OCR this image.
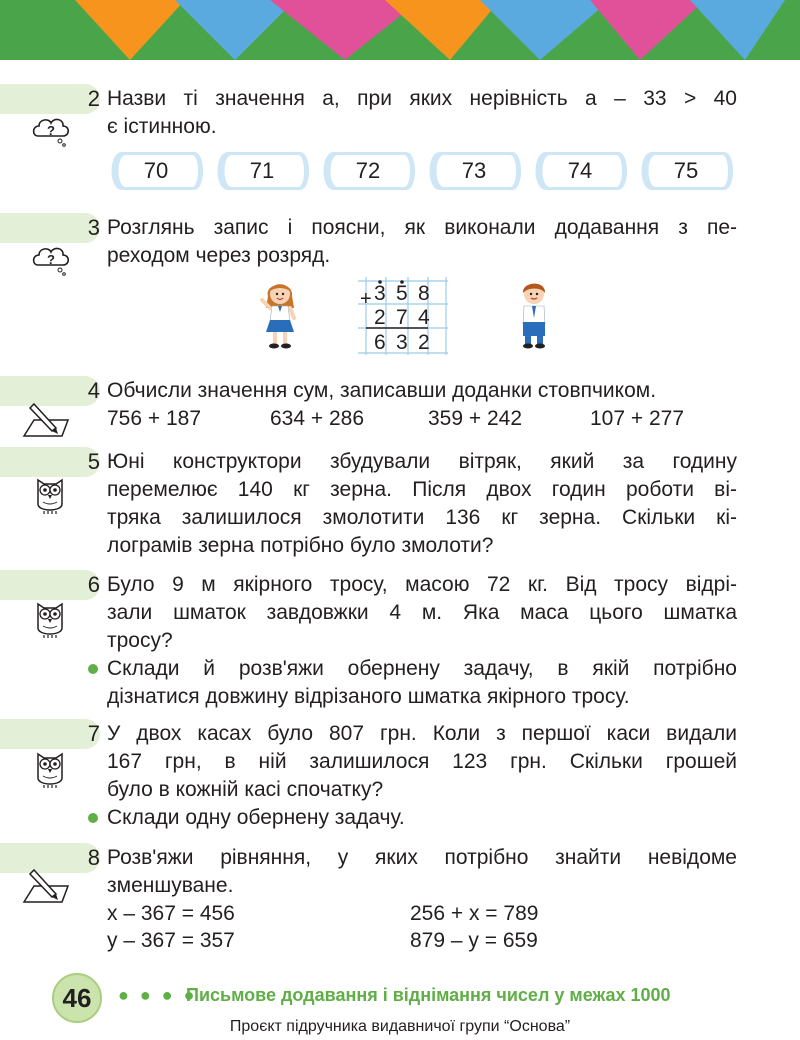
2
?
Назви ті значення а, при яких нерівність а – 33 > 40
є істинною.
70	71	72	73	74	75
3
?
Розглянь запис і поясни, як виконали додавання з пе-
реходом через розряд.
+ 3 5 8
2 7 4
6 3 2
4 Обчисли значення сум, записавши доданки стовпчиком.
756 + 187	634 + 286	359 + 242	107 + 277
5 Юні конструктори збудували вітряк, який за годину
перемелює 140 кг зерна. Після двох годин роботи ві-
тряка залишилося змолотити 136 кг зерна. Скільки кі-
лограмів зерна потрібно було змолоти?
6 Було 9 м якірного тросу, масою 72 кг. Від тросу відрі-
зали шматок завдовжки 4 м. Яка маса цього шматка
тросу?
Склади й розв'яжи обернену задачу, в якій потрібно
дізнатися довжину відрізаного шматка якірного тросу.
7 У двох касах було 807 грн. Коли з першої каси видали
167 грн, в ній залишилося 123 грн. Скільки грошей
було в кожній касі спочатку?
Склади одну обернену задачу.
8 Розв'яжи рівняння, у яких потрібно знайти невідоме
зменшуване.
x – 367 = 456	256 + x = 789
y – 367 = 357	879 – y = 659
46	● ● ● ●
Письмове додавання і віднімання чисел у межах 1000
Проєкт підручника видавничої групи “Основа”
